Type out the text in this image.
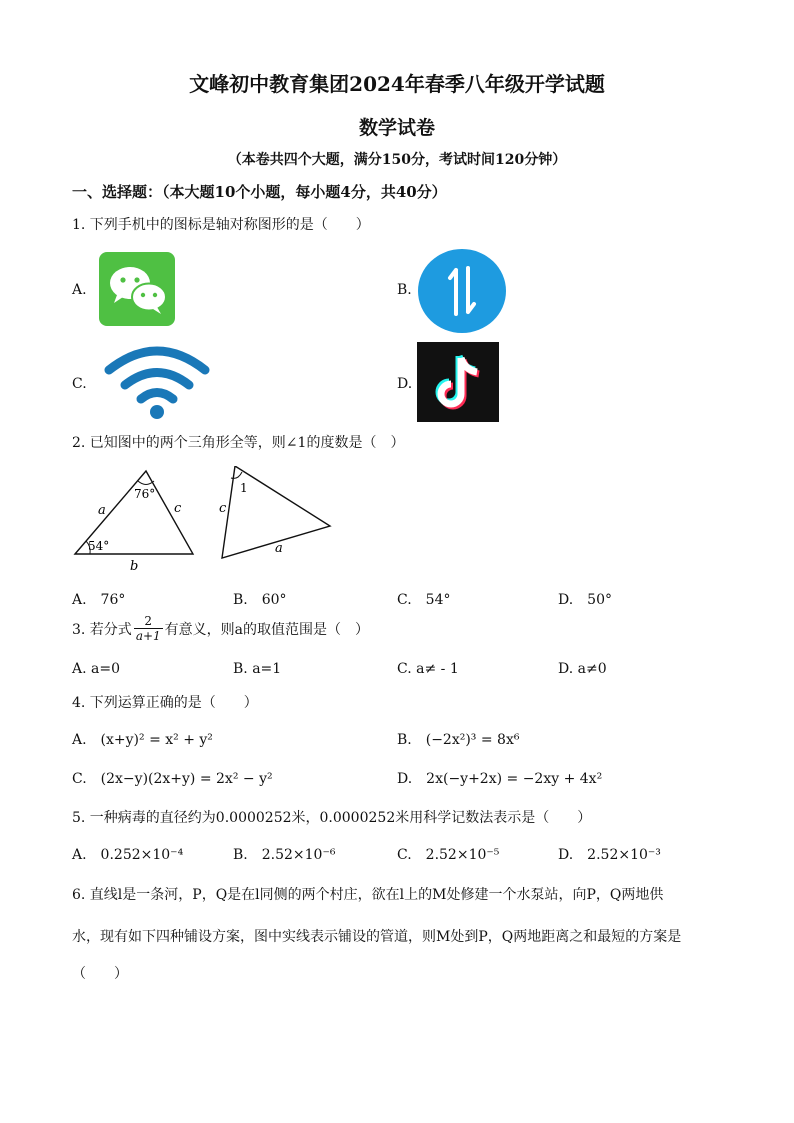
文峰初中教育集团2024年春季八年级开学试题
数学试卷
（本卷共四个大题，满分150分，考试时间120分钟）
一、选择题：（本大题10个小题，每小题4分，共40分）
1. 下列手机中的图标是轴对称图形的是（　　）
A.	B.
C.	D.
2. 已知图中的两个三角形全等，则∠1的度数是（　）
76°
54°
a	c
b
1
c
a
A.　76°	B.　60°	C.　54°	D.　50°
3. 若分式 $\frac{2}{a+1}$ 有意义，则a的取值范围是（　）
A. a=0	B. a=1	C. a≠ - 1	D. a≠0
4. 下列运算正确的是（　　）
A.　(x+y)² = x² + y²	B.　(−2x²)³ = 8x⁶
C.　(2x−y)(2x+y) = 2x² − y²	D.　2x(−y+2x) = −2xy + 4x²
5. 一种病毒的直径约为0.0000252米，0.0000252米用科学记数法表示是（　　）
A.　0.252×10⁻⁴	B.　2.52×10⁻⁶	C.　2.52×10⁻⁵	D.　2.52×10⁻³
6. 直线l是一条河，P，Q是在l同侧的两个村庄，欲在l上的M处修建一个水泵站，向P，Q两地供
水，现有如下四种铺设方案，图中实线表示铺设的管道，则M处到P，Q两地距离之和最短的方案是
（　　）
